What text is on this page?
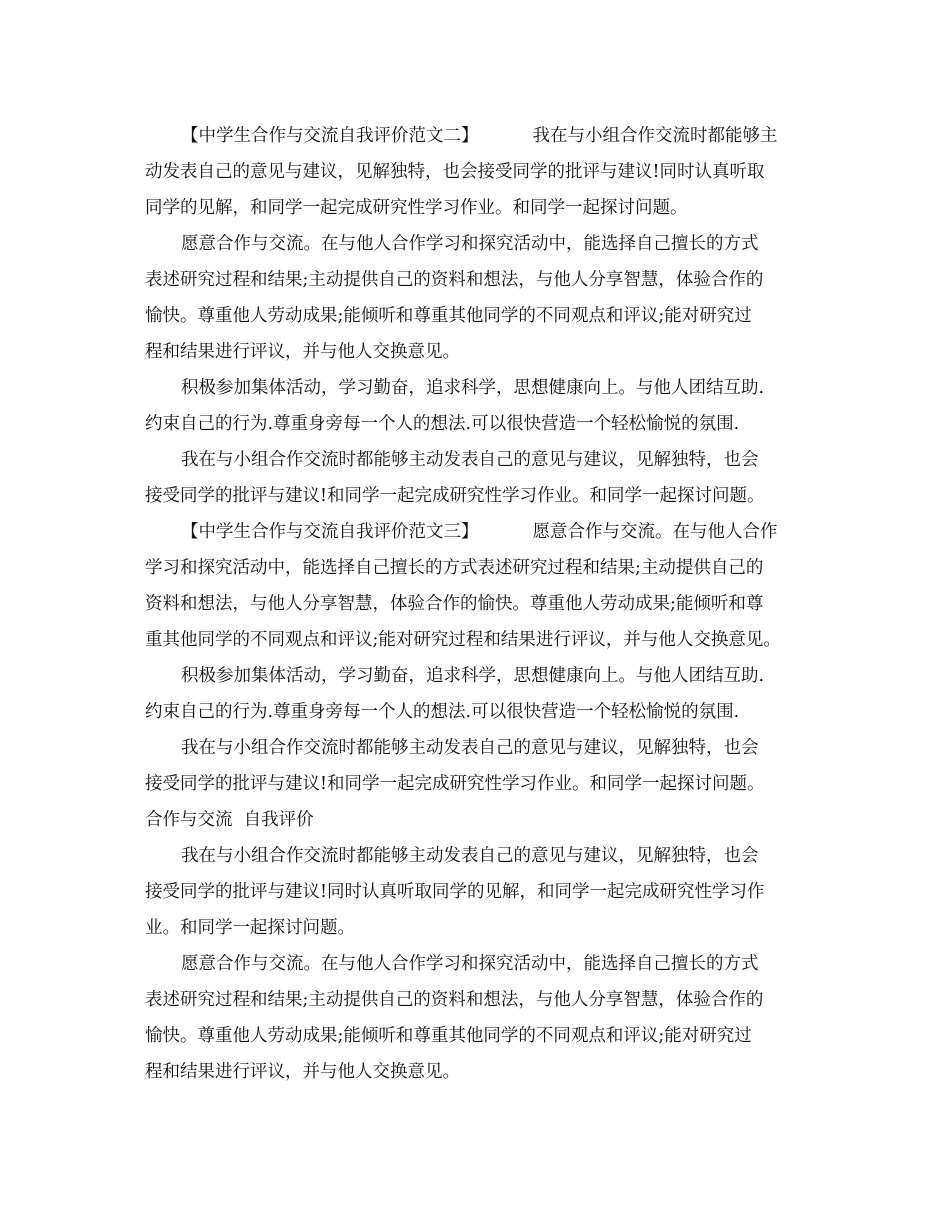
【中学生合作与交流自我评价范文二】	我在与小组合作交流时都能够主
动发表自己的意见与建议，见解独特，也会接受同学的批评与建议!同时认真听取
同学的见解，和同学一起完成研究性学习作业。和同学一起探讨问题。

愿意合作与交流。在与他人合作学习和探究活动中，能选择自己擅长的方式
表述研究过程和结果;主动提供自己的资料和想法，与他人分享智慧，体验合作的
愉快。尊重他人劳动成果;能倾听和尊重其他同学的不同观点和评议;能对研究过
程和结果进行评议，并与他人交换意见。

积极参加集体活动，学习勤奋，追求科学，思想健康向上。与他人团结互助.
约束自己的行为.尊重身旁每一个人的想法.可以很快营造一个轻松愉悦的氛围.

我在与小组合作交流时都能够主动发表自己的意见与建议，见解独特，也会
接受同学的批评与建议!和同学一起完成研究性学习作业。和同学一起探讨问题。

【中学生合作与交流自我评价范文三】	愿意合作与交流。在与他人合作
学习和探究活动中，能选择自己擅长的方式表述研究过程和结果;主动提供自己的
资料和想法，与他人分享智慧，体验合作的愉快。尊重他人劳动成果;能倾听和尊
重其他同学的不同观点和评议;能对研究过程和结果进行评议，并与他人交换意见。

积极参加集体活动，学习勤奋，追求科学，思想健康向上。与他人团结互助.
约束自己的行为.尊重身旁每一个人的想法.可以很快营造一个轻松愉悦的氛围.

我在与小组合作交流时都能够主动发表自己的意见与建议，见解独特，也会
接受同学的批评与建议!和同学一起完成研究性学习作业。和同学一起探讨问题。

合作与交流  自我评价

我在与小组合作交流时都能够主动发表自己的意见与建议，见解独特，也会
接受同学的批评与建议!同时认真听取同学的见解，和同学一起完成研究性学习作
业。和同学一起探讨问题。

愿意合作与交流。在与他人合作学习和探究活动中，能选择自己擅长的方式
表述研究过程和结果;主动提供自己的资料和想法，与他人分享智慧，体验合作的
愉快。尊重他人劳动成果;能倾听和尊重其他同学的不同观点和评议;能对研究过
程和结果进行评议，并与他人交换意见。
